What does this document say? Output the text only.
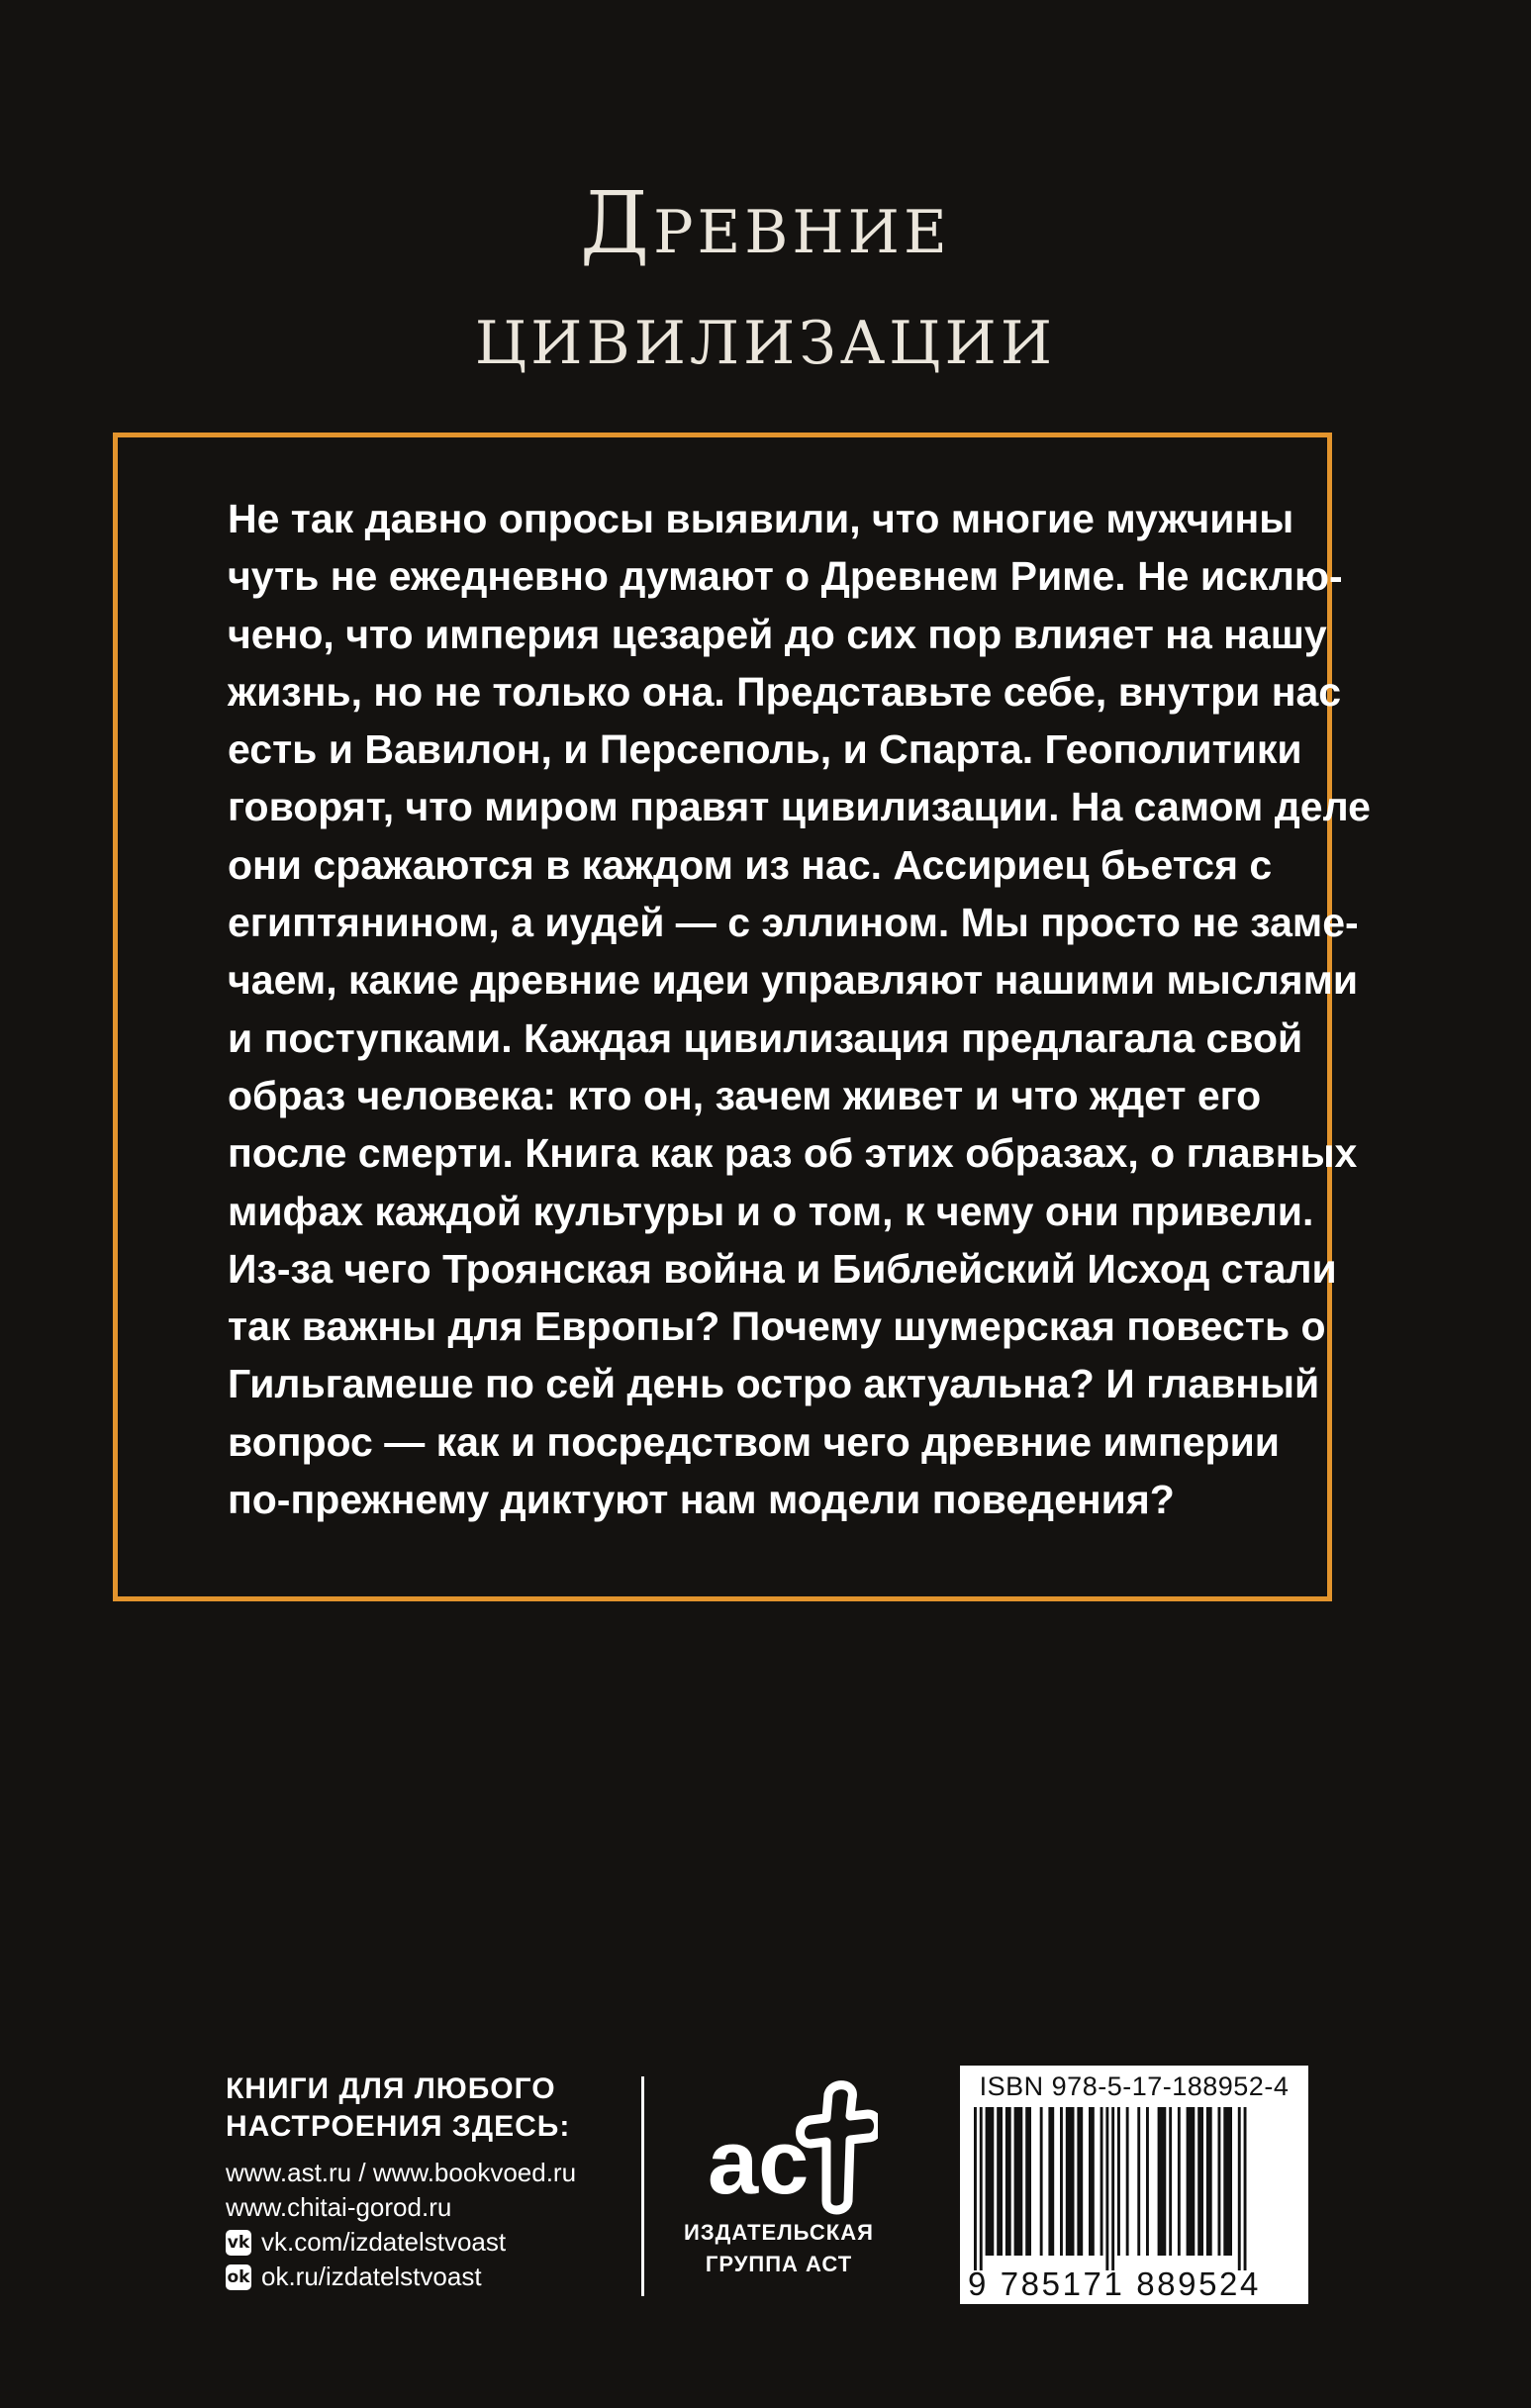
Древние
цивилизации

Не так давно опросы выявили, что многие мужчины
чуть не ежедневно думают о Древнем Риме. Не исклю-
чено, что империя цезарей до сих пор влияет на нашу
жизнь, но не только она. Представьте себе, внутри нас
есть и Вавилон, и Персеполь, и Спарта. Геополитики
говорят, что миром правят цивилизации. На самом деле
они сражаются в каждом из нас. Ассириец бьется с
египтянином, а иудей — с эллином. Мы просто не заме-
чаем, какие древние идеи управляют нашими мыслями
и поступками. Каждая цивилизация предлагала свой
образ человека: кто он, зачем живет и что ждет его
после смерти. Книга как раз об этих образах, о главных
мифах каждой культуры и о том, к чему они привели.
Из-за чего Троянская война и Библейский Исход стали
так важны для Европы? Почему шумерская повесть о
Гильгамеше по сей день остро актуальна? И главный
вопрос — как и посредством чего древние империи
по-прежнему диктуют нам модели поведения?

КНИГИ ДЛЯ ЛЮБОГО
НАСТРОЕНИЯ ЗДЕСЬ:
www.ast.ru / www.bookvoed.ru
www.chitai-gorod.ru
vk vk.com/izdatelstvoast
ok ok.ru/izdatelstvoast
ас
ИЗДАТЕЛЬСКАЯ
ГРУППА АСТ
ISBN 978-5-17-188952-4
9 785171 889524
